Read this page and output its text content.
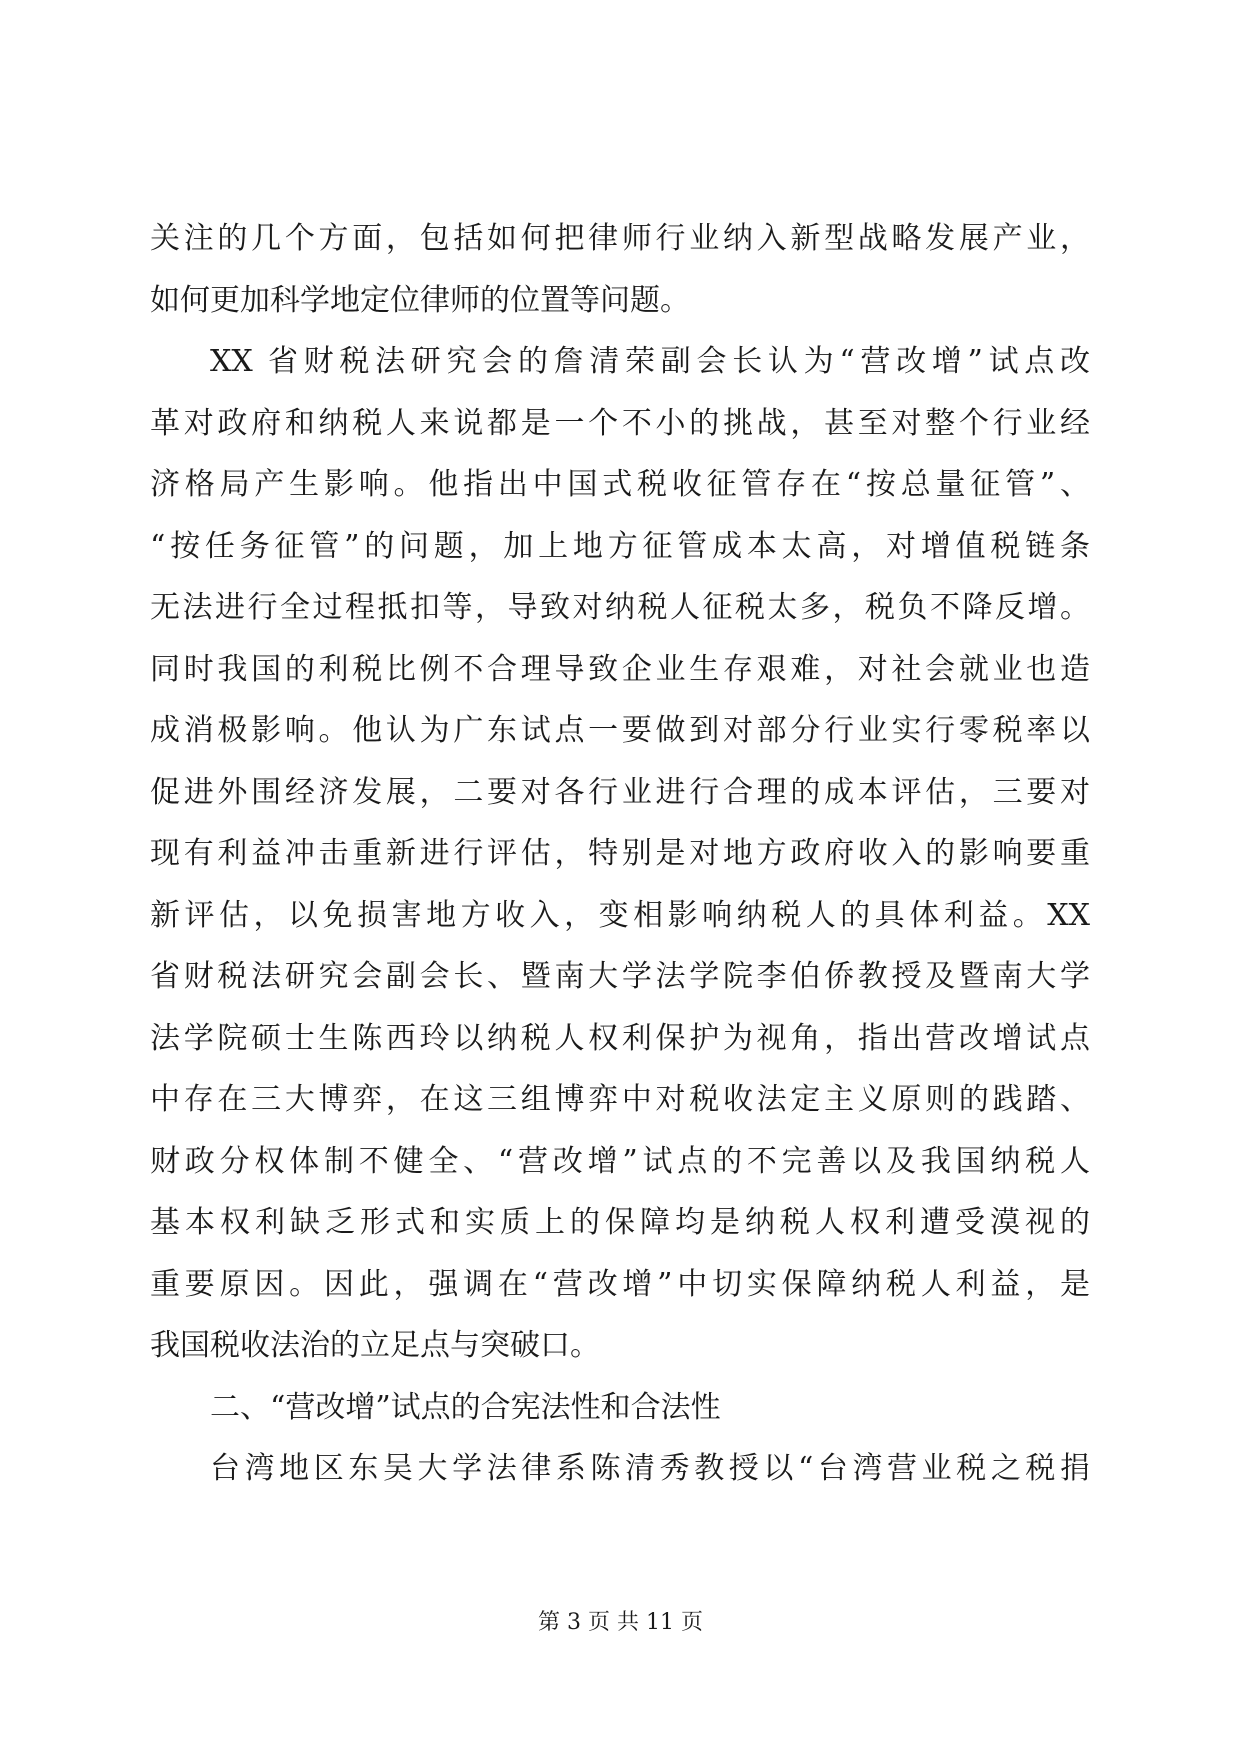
关注的几个方面，包括如何把律师行业纳入新型战略发展产业，
如何更加科学地定位律师的位置等问题。
XX 省财税法研究会的詹清荣副会长认为“营改增”试点改
革对政府和纳税人来说都是一个不小的挑战，甚至对整个行业经
济格局产生影响。他指出中国式税收征管存在“按总量征管”、
“按任务征管”的问题，加上地方征管成本太高，对增值税链条
无法进行全过程抵扣等，导致对纳税人征税太多，税负不降反增。
同时我国的利税比例不合理导致企业生存艰难，对社会就业也造
成消极影响。他认为广东试点一要做到对部分行业实行零税率以
促进外围经济发展，二要对各行业进行合理的成本评估，三要对
现有利益冲击重新进行评估，特别是对地方政府收入的影响要重
新评估，以免损害地方收入，变相影响纳税人的具体利益。XX
省财税法研究会副会长、暨南大学法学院李伯侨教授及暨南大学
法学院硕士生陈西玲以纳税人权利保护为视角，指出营改增试点
中存在三大博弈，在这三组博弈中对税收法定主义原则的践踏、
财政分权体制不健全、“营改增”试点的不完善以及我国纳税人
基本权利缺乏形式和实质上的保障均是纳税人权利遭受漠视的
重要原因。因此，强调在“营改增”中切实保障纳税人利益，是
我国税收法治的立足点与突破口。
二、“营改增”试点的合宪法性和合法性
台湾地区东吴大学法律系陈清秀教授以“台湾营业税之税捐
第 3 页 共 11 页
